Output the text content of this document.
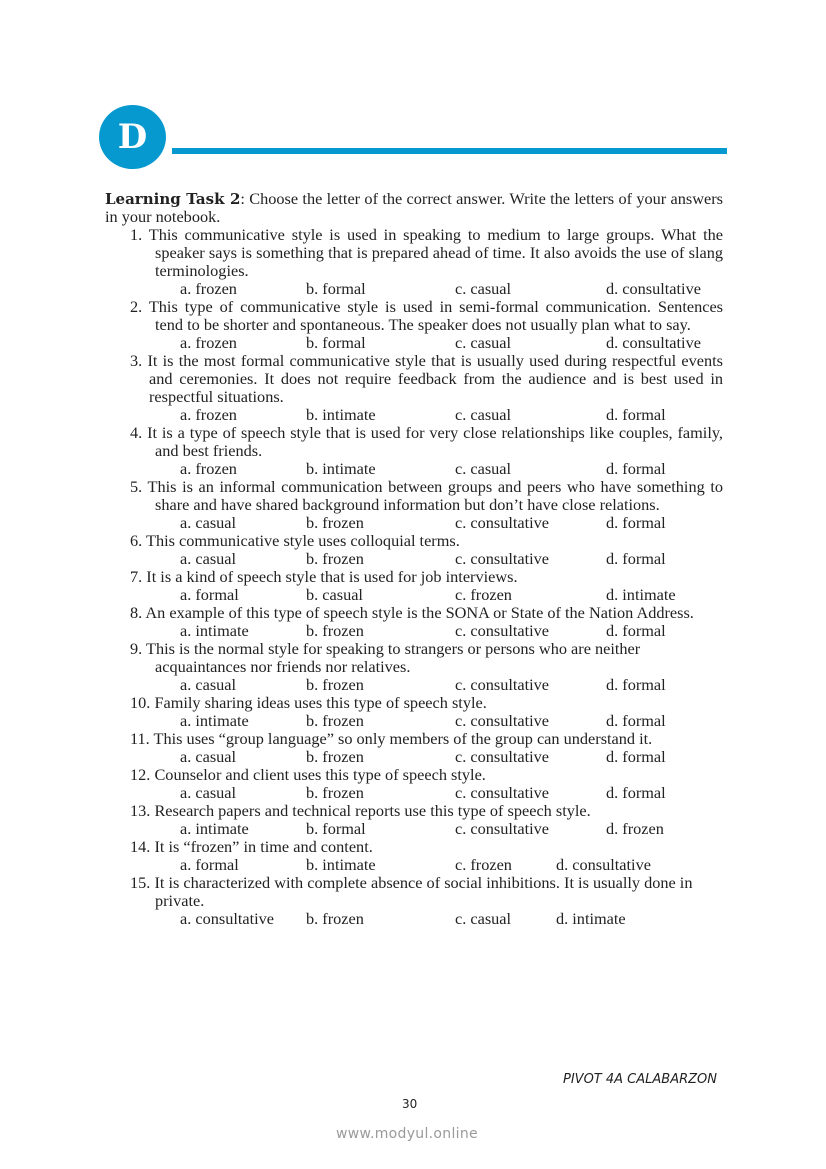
D

Learning Task 2: Choose the letter of the correct answer. Write the letters of your answers in your notebook.

1. This communicative style is used in speaking to medium to large groups. What the speaker says is something that is prepared ahead of time. It also avoids the use of slang terminologies.

a. frozen	b. formal	c. casual	d. consultative

2. This type of communicative style is used in semi-formal communication. Sentences tend to be shorter and spontaneous. The speaker does not usually plan what to say.

a. frozen	b. formal	c. casual	d. consultative

3. It is the most formal communicative style that is usually used during respectful events and ceremonies. It does not require feedback from the audience and is best used in respectful situations.

a. frozen	b. intimate	c. casual	d. formal

4. It is a type of speech style that is used for very close relationships like couples, family, and best friends.

a. frozen	b. intimate	c. casual	d. formal

5. This is an informal communication between groups and peers who have something to share and have shared background information but don’t have close relations.

a. casual	b. frozen	c. consultative	d. formal

6. This communicative style uses colloquial terms.

a. casual	b. frozen	c. consultative	d. formal

7. It is a kind of speech style that is used for job interviews.

a. formal	b. casual	c. frozen	d. intimate

8. An example of this type of speech style is the SONA or State of the Nation Address.

a. intimate	b. frozen	c. consultative	d. formal

9. This is the normal style for speaking to strangers or persons who are neither acquaintances nor friends nor relatives.

a. casual	b. frozen	c. consultative	d. formal

10. Family sharing ideas uses this type of speech style.

a. intimate	b. frozen	c. consultative	d. formal

11. This uses “group language” so only members of the group can understand it.

a. casual	b. frozen	c. consultative	d. formal

12. Counselor and client uses this type of speech style.

a. casual	b. frozen	c. consultative	d. formal

13. Research papers and technical reports use this type of speech style.

a. intimate	b. formal	c. consultative	d. frozen

14. It is “frozen” in time and content.

a. formal	b. intimate	c. frozen	d. consultative

15. It is characterized with complete absence of social inhibitions. It is usually done in private.

a. consultative b. frozen	c. casual	d. intimate
PIVOT 4A CALABARZON
30
www.modyul.online
